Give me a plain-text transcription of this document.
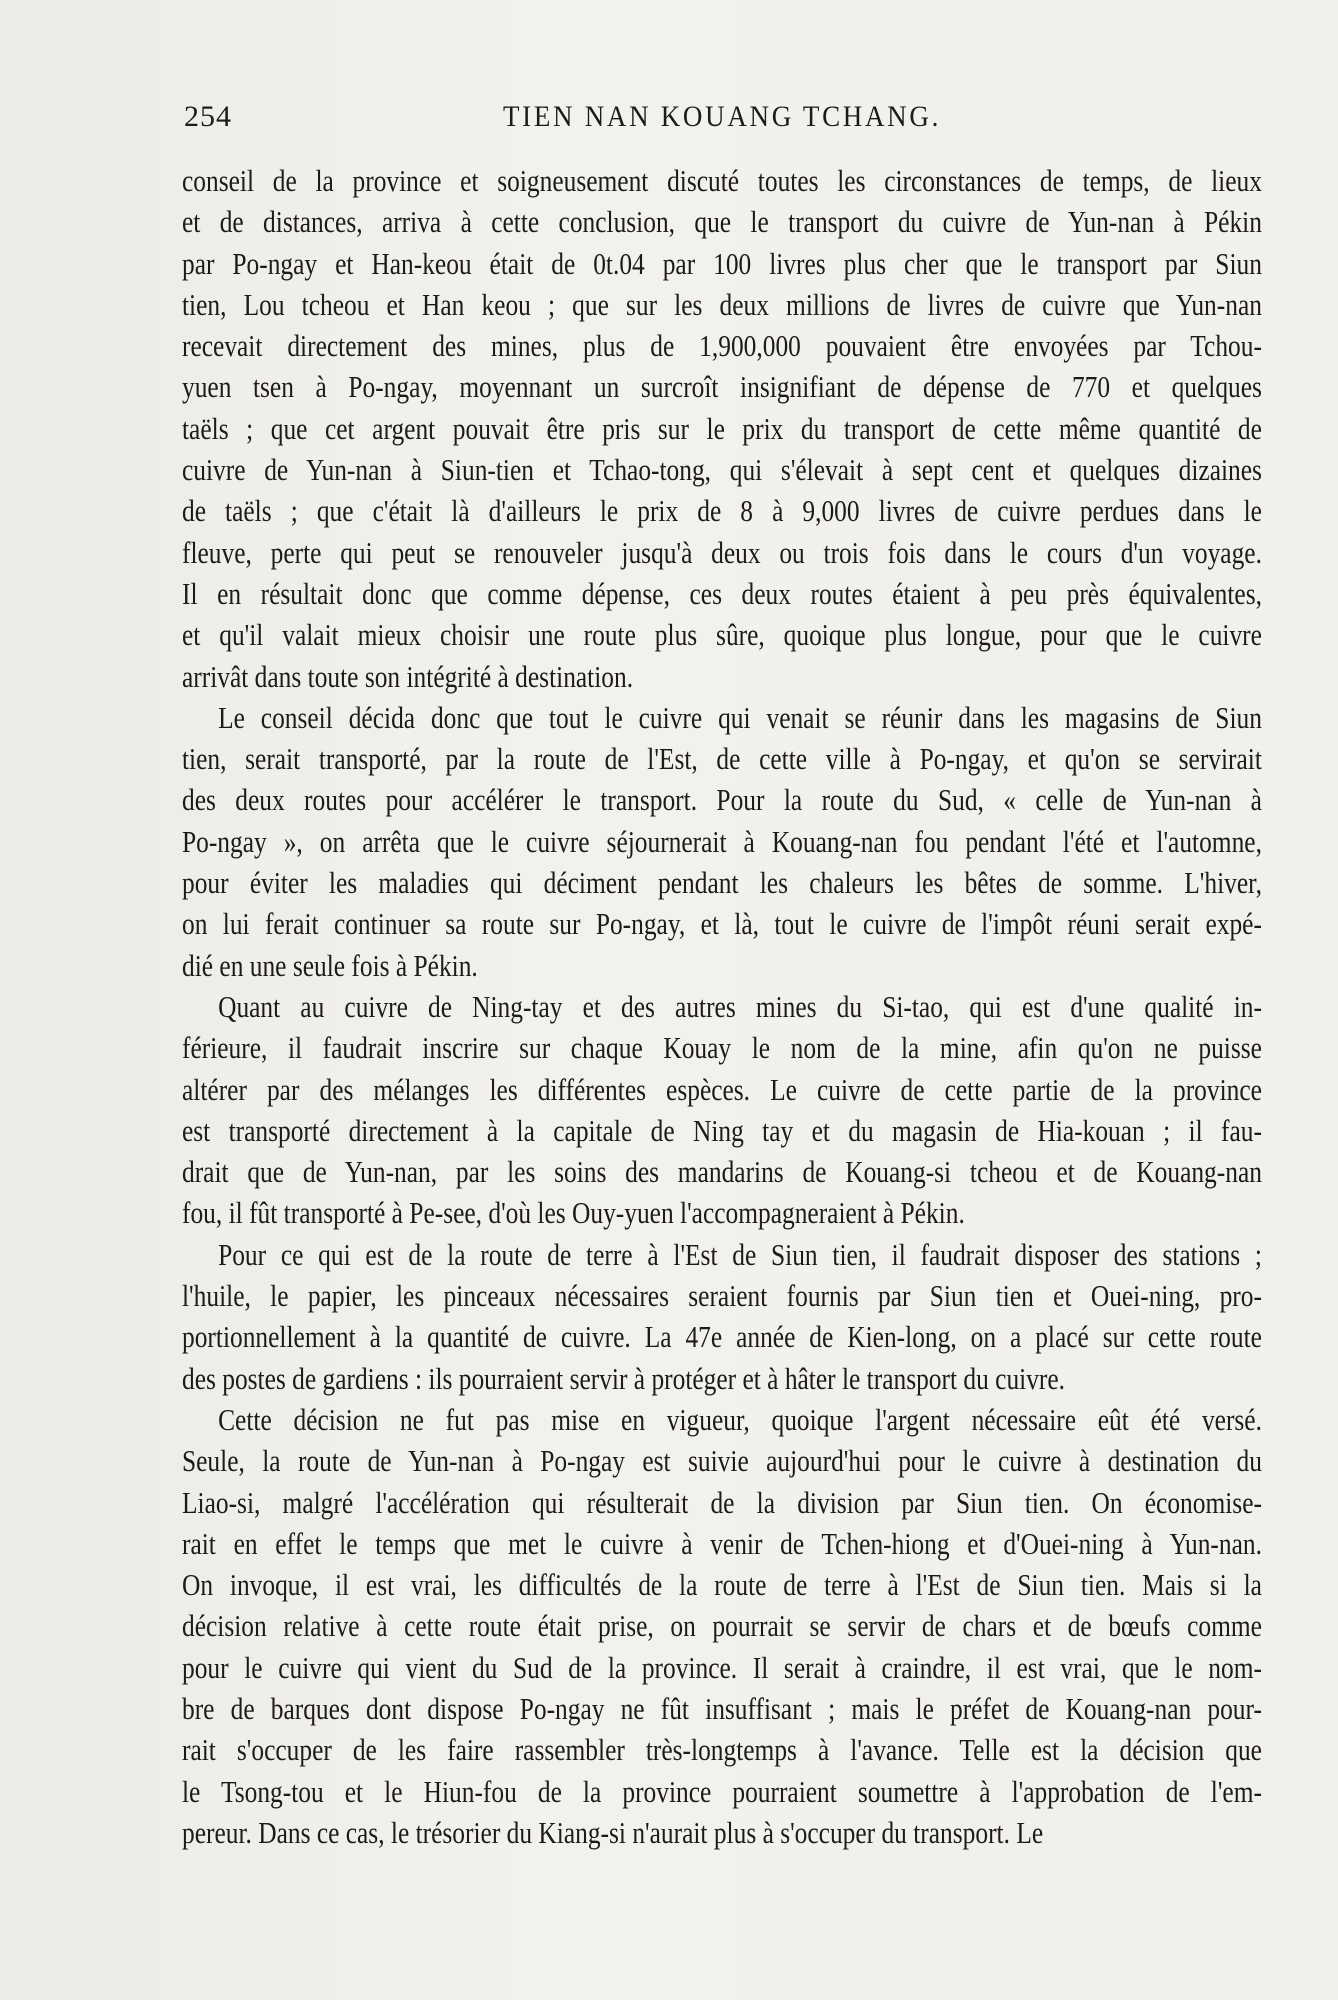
254	TIEN NAN KOUANG TCHANG.
conseil de la province et soigneusement discuté toutes les circonstances de temps, de lieux
et de distances, arriva à cette conclusion, que le transport du cuivre de Yun-nan à Pékin
par Po-ngay et Han-keou était de 0t.04 par 100 livres plus cher que le transport par Siun
tien, Lou tcheou et Han keou ; que sur les deux millions de livres de cuivre que Yun-nan
recevait directement des mines, plus de 1,900,000 pouvaient être envoyées par Tchou-
yuen tsen à Po-ngay, moyennant un surcroît insignifiant de dépense de 770 et quelques
taëls ; que cet argent pouvait être pris sur le prix du transport de cette même quantité de
cuivre de Yun-nan à Siun-tien et Tchao-tong, qui s'élevait à sept cent et quelques dizaines
de taëls ; que c'était là d'ailleurs le prix de 8 à 9,000 livres de cuivre perdues dans le
fleuve, perte qui peut se renouveler jusqu'à deux ou trois fois dans le cours d'un voyage.
Il en résultait donc que comme dépense, ces deux routes étaient à peu près équivalentes,
et qu'il valait mieux choisir une route plus sûre, quoique plus longue, pour que le cuivre
arrivât dans toute son intégrité à destination.
Le conseil décida donc que tout le cuivre qui venait se réunir dans les magasins de Siun
tien, serait transporté, par la route de l'Est, de cette ville à Po-ngay, et qu'on se servirait
des deux routes pour accélérer le transport. Pour la route du Sud, « celle de Yun-nan à
Po-ngay », on arrêta que le cuivre séjournerait à Kouang-nan fou pendant l'été et l'automne,
pour éviter les maladies qui déciment pendant les chaleurs les bêtes de somme. L'hiver,
on lui ferait continuer sa route sur Po-ngay, et là, tout le cuivre de l'impôt réuni serait expé-
dié en une seule fois à Pékin.
Quant au cuivre de Ning-tay et des autres mines du Si-tao, qui est d'une qualité in-
férieure, il faudrait inscrire sur chaque Kouay le nom de la mine, afin qu'on ne puisse
altérer par des mélanges les différentes espèces. Le cuivre de cette partie de la province
est transporté directement à la capitale de Ning tay et du magasin de Hia-kouan ; il fau-
drait que de Yun-nan, par les soins des mandarins de Kouang-si tcheou et de Kouang-nan
fou, il fût transporté à Pe-see, d'où les Ouy-yuen l'accompagneraient à Pékin.
Pour ce qui est de la route de terre à l'Est de Siun tien, il faudrait disposer des stations ;
l'huile, le papier, les pinceaux nécessaires seraient fournis par Siun tien et Ouei-ning, pro-
portionnellement à la quantité de cuivre. La 47e année de Kien-long, on a placé sur cette route
des postes de gardiens : ils pourraient servir à protéger et à hâter le transport du cuivre.
Cette décision ne fut pas mise en vigueur, quoique l'argent nécessaire eût été versé.
Seule, la route de Yun-nan à Po-ngay est suivie aujourd'hui pour le cuivre à destination du
Liao-si, malgré l'accélération qui résulterait de la division par Siun tien. On économise-
rait en effet le temps que met le cuivre à venir de Tchen-hiong et d'Ouei-ning à Yun-nan.
On invoque, il est vrai, les difficultés de la route de terre à l'Est de Siun tien. Mais si la
décision relative à cette route était prise, on pourrait se servir de chars et de bœufs comme
pour le cuivre qui vient du Sud de la province. Il serait à craindre, il est vrai, que le nom-
bre de barques dont dispose Po-ngay ne fût insuffisant ; mais le préfet de Kouang-nan pour-
rait s'occuper de les faire rassembler très-longtemps à l'avance. Telle est la décision que
le Tsong-tou et le Hiun-fou de la province pourraient soumettre à l'approbation de l'em-
pereur. Dans ce cas, le trésorier du Kiang-si n'aurait plus à s'occuper du transport. Le
